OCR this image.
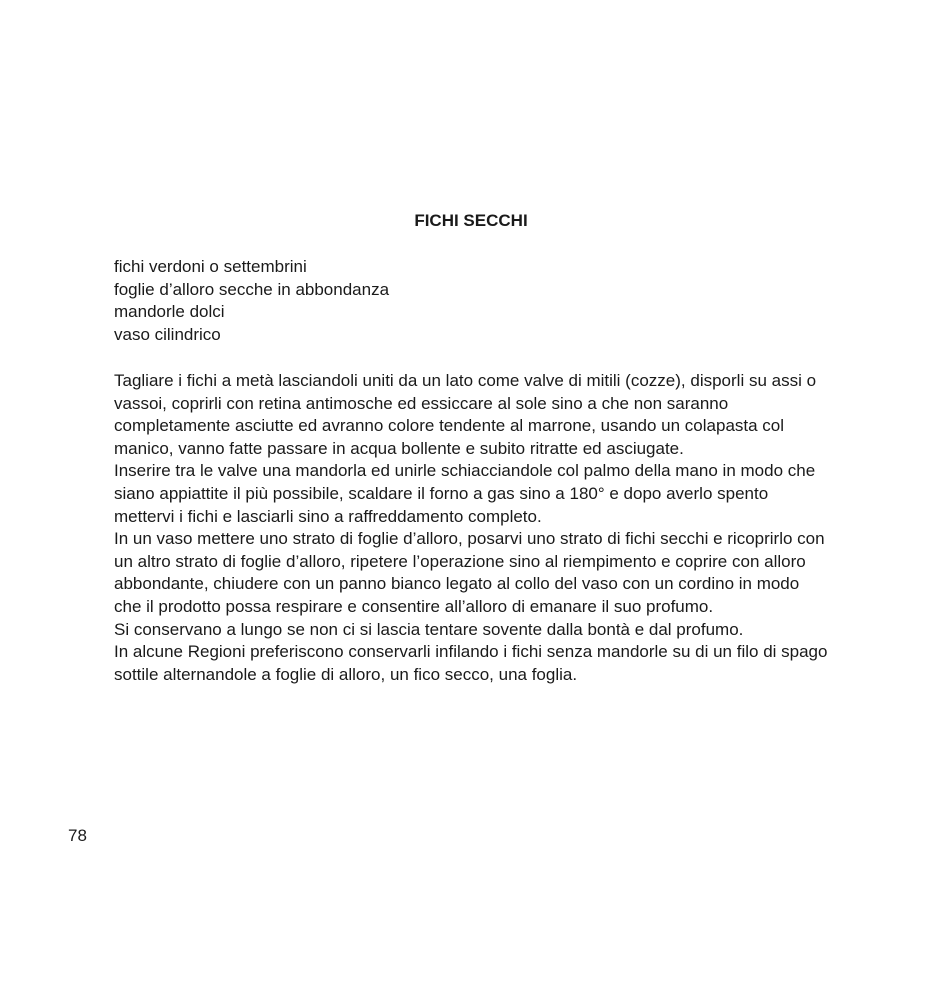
FICHI SECCHI
fichi verdoni o settembrini
foglie d’alloro secche in abbondanza
mandorle dolci
vaso cilindrico

Tagliare i fichi a metà lasciandoli uniti da un lato come valve di mitili (cozze), disporli su assi o vassoi, coprirli con retina antimosche ed essiccare al sole sino a che non saranno completamente asciutte ed avranno colore tendente al marrone, usando un colapasta col manico, vanno fatte passare in acqua bollente e subito ritratte ed asciugate.

Inserire tra le valve una mandorla ed unirle schiacciandole col palmo della mano in modo che siano appiattite il più possibile, scaldare il forno a gas sino a 180° e dopo averlo spento mettervi i fichi e lasciarli sino a raffreddamento completo.

In un vaso mettere uno strato di foglie d’alloro, posarvi uno strato di fichi secchi e ricoprirlo con un altro strato di foglie d’alloro, ripetere l’operazione sino al riempimento e coprire con alloro abbondante, chiudere con un panno bianco legato al collo del vaso con un cordino in modo che il prodotto possa respirare e consentire all’alloro di emanare il suo profumo.

Si conservano a lungo se non ci si lascia tentare sovente dalla bontà e dal profumo.

In alcune Regioni preferiscono conservarli infilando i fichi senza mandorle su di un filo di spago sottile alternandole a foglie di alloro, un fico secco, una foglia.

78
